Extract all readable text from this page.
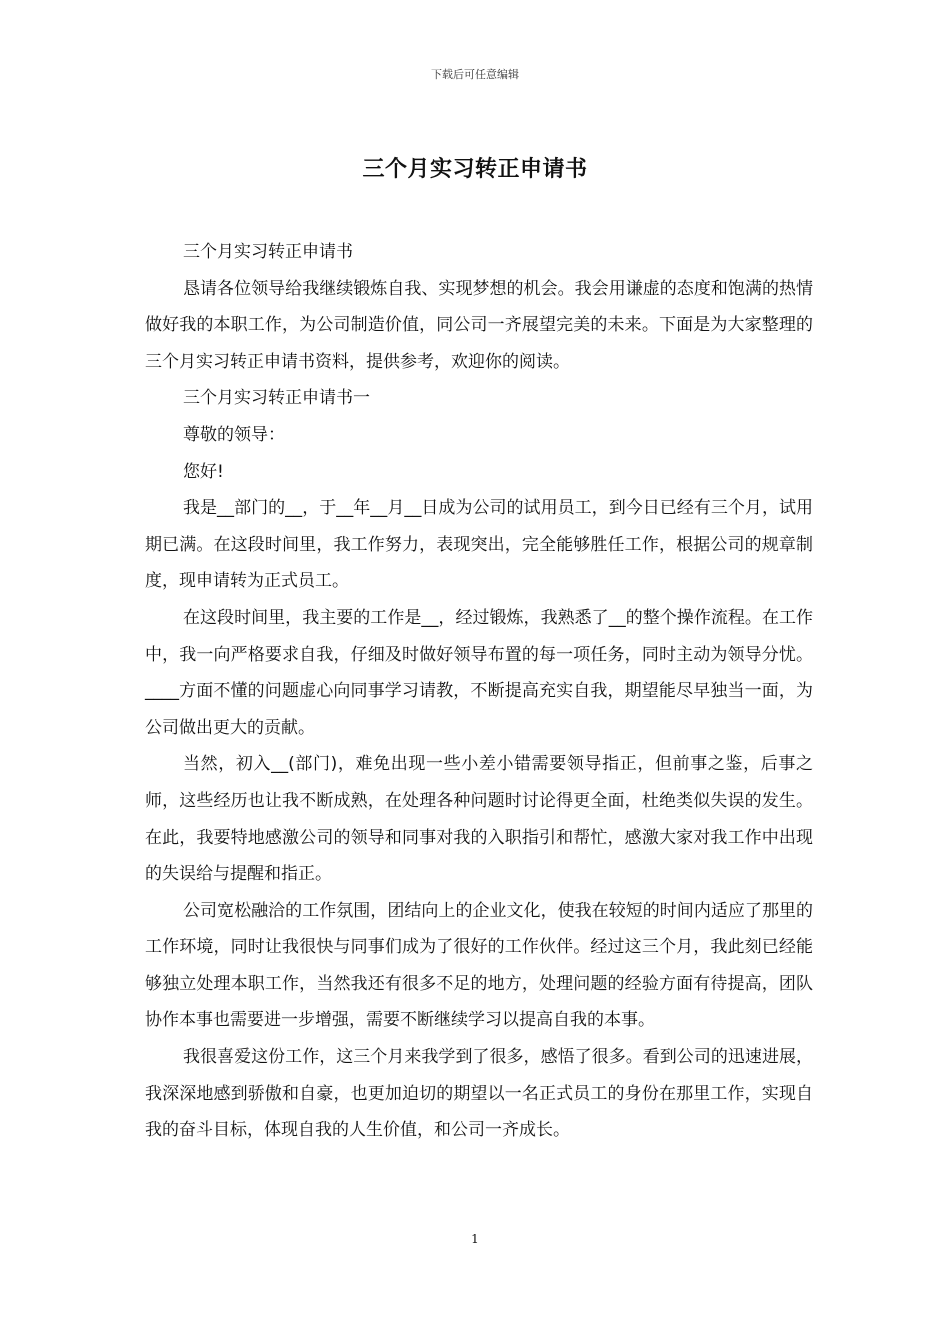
下载后可任意编辑
三个月实习转正申请书

三个月实习转正申请书

恳请各位领导给我继续锻炼自我、实现梦想的机会。我会用谦虚的态度和饱满的热情做好我的本职工作，为公司制造价值，同公司一齐展望完美的未来。下面是为大家整理的三个月实习转正申请书资料，提供参考，欢迎你的阅读。

三个月实习转正申请书一

尊敬的领导：

您好!

我是__部门的__，于__年__月__日成为公司的试用员工，到今日已经有三个月，试用期已满。在这段时间里，我工作努力，表现突出，完全能够胜任工作，根据公司的规章制度，现申请转为正式员工。

在这段时间里，我主要的工作是__，经过锻炼，我熟悉了__的整个操作流程。在工作中，我一向严格要求自我，仔细及时做好领导布置的每一项任务，同时主动为领导分忧。____方面不懂的问题虚心向同事学习请教，不断提高充实自我，期望能尽早独当一面，为公司做出更大的贡献。

当然，初入__(部门)，难免出现一些小差小错需要领导指正，但前事之鉴，后事之师，这些经历也让我不断成熟，在处理各种问题时讨论得更全面，杜绝类似失误的发生。在此，我要特地感激公司的领导和同事对我的入职指引和帮忙，感激大家对我工作中出现的失误给与提醒和指正。

公司宽松融洽的工作氛围，团结向上的企业文化，使我在较短的时间内适应了那里的工作环境，同时让我很快与同事们成为了很好的工作伙伴。经过这三个月，我此刻已经能够独立处理本职工作，当然我还有很多不足的地方，处理问题的经验方面有待提高，团队协作本事也需要进一步增强，需要不断继续学习以提高自我的本事。

我很喜爱这份工作，这三个月来我学到了很多，感悟了很多。看到公司的迅速进展，我深深地感到骄傲和自豪，也更加迫切的期望以一名正式员工的身份在那里工作，实现自我的奋斗目标，体现自我的人生价值，和公司一齐成长。

1
